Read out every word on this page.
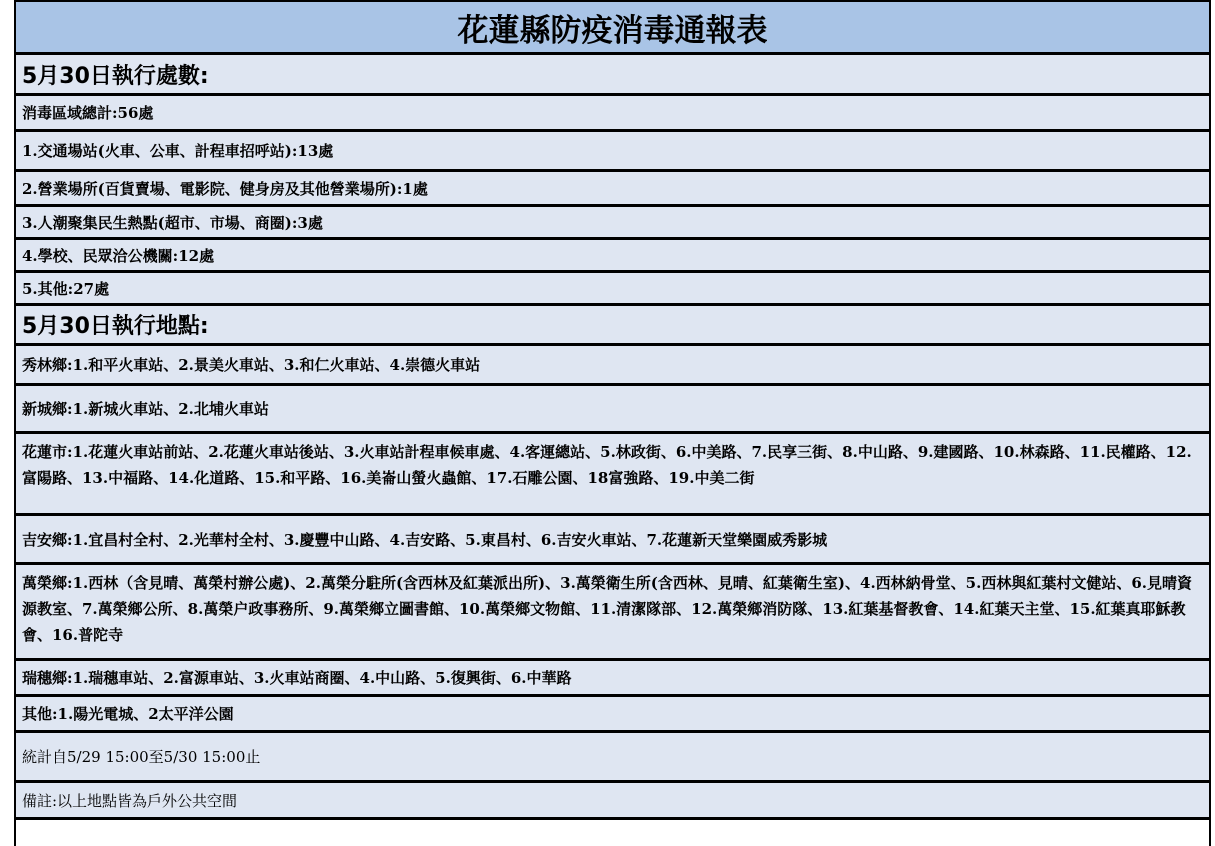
花蓮縣防疫消毒通報表
5月30日執行處數:
消毒區域總計:56處
1.交通場站(火車、公車、計程車招呼站):13處
2.營業場所(百貨賣場、電影院、健身房及其他營業場所):1處
3.人潮聚集民生熱點(超市、市場、商圈):3處
4.學校、民眾洽公機關:12處
5.其他:27處
5月30日執行地點:
秀林鄉:1.和平火車站、2.景美火車站、3.和仁火車站、4.崇德火車站
新城鄉:1.新城火車站、2.北埔火車站
花蓮市:1.花蓮火車站前站、2.花蓮火車站後站、3.火車站計程車候車處、4.客運總站、5.林政街、6.中美路、7.民享三街、8.中山路、9.建國路、10.林森路、11.民權路、12.富陽路、13.中福路、14.化道路、15.和平路、16.美崙山螢火蟲館、17.石雕公園、18富強路、19.中美二街
吉安鄉:1.宜昌村全村、2.光華村全村、3.慶豐中山路、4.吉安路、5.東昌村、6.吉安火車站、7.花蓮新天堂樂園威秀影城
萬榮鄉:1.西林（含見晴、萬榮村辦公處)、2.萬榮分駐所(含西林及紅葉派出所)、3.萬榮衛生所(含西林、見晴、紅葉衛生室)、4.西林納骨堂、5.西林與紅葉村文健站、6.見晴資源教室、7.萬榮鄉公所、8.萬榮户政事務所、9.萬榮鄉立圖書館、10.萬榮鄉文物館、11.清潔隊部、12.萬榮鄉消防隊、13.紅葉基督教會、14.紅葉天主堂、15.紅葉真耶穌教會、16.普陀寺
瑞穗鄉:1.瑞穗車站、2.富源車站、3.火車站商圈、4.中山路、5.復興街、6.中華路
其他:1.陽光電城、2太平洋公園
統計自5/29 15:00至5/30 15:00止
備註:以上地點皆為戶外公共空間
